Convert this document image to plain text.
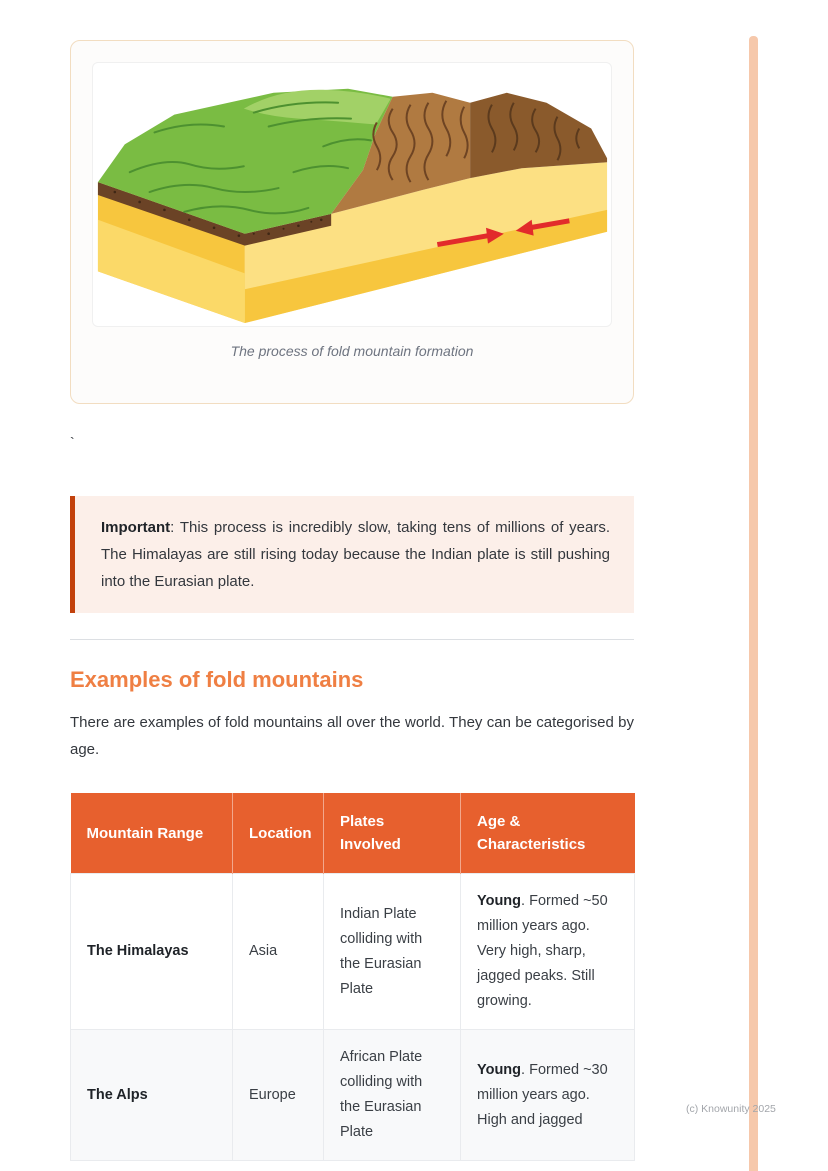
The process of fold mountain formation
`
Important: This process is incredibly slow, taking tens of millions of years. The Himalayas are still rising today because the Indian plate is still pushing into the Eurasian plate.
Examples of fold mountains

There are examples of fold mountains all over the world. They can be categorised by age.

Mountain Range	Location	Plates Involved	Age & Characteristics
The Himalayas	Asia	Indian Plate colliding with the Eurasian Plate	Young. Formed ~50 million years ago. Very high, sharp, jagged peaks. Still growing.
The Alps	Europe	African Plate colliding with the Eurasian Plate	Young. Formed ~30 million years ago. High and jagged
(c) Knowunity 2025
